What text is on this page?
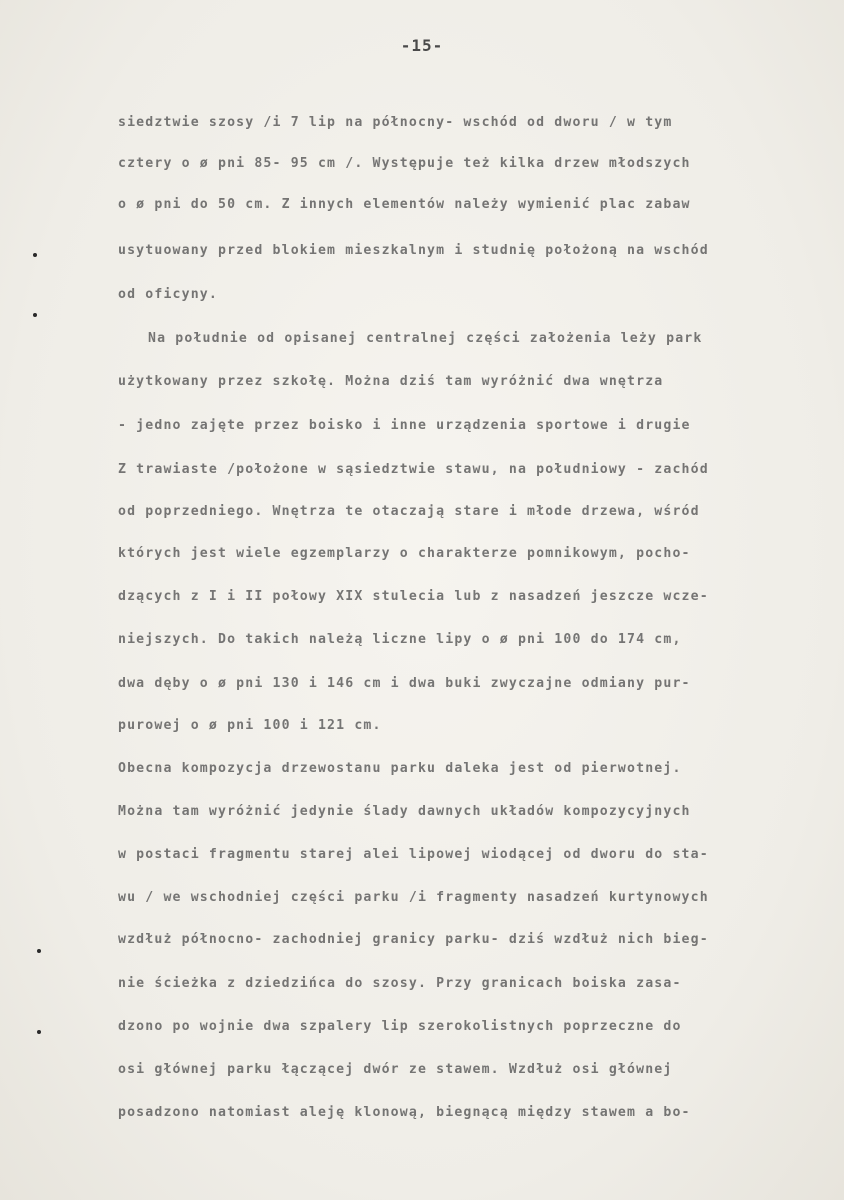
-15-
siedztwie szosy /i 7 lip na północny- wschód od dworu / w tym
cztery o ø pni 85- 95 cm /. Występuje też kilka drzew młodszych
o ø pni do 50 cm. Z innych elementów należy wymienić plac zabaw
usytuowany przed blokiem mieszkalnym i studnię położoną na wschód
od oficyny.
Na południe od opisanej centralnej części założenia leży park
użytkowany przez szkołę. Można dziś tam wyróżnić dwa wnętrza
- jedno zajęte przez boisko i inne urządzenia sportowe i drugie
Z trawiaste /położone w sąsiedztwie stawu, na południowy - zachód
od poprzedniego. Wnętrza te otaczają stare i młode drzewa, wśród
których jest wiele egzemplarzy o charakterze pomnikowym, pocho-
dzących z I i II połowy XIX stulecia lub z nasadzeń jeszcze wcze-
niejszych. Do takich należą liczne lipy o ø pni 100 do 174 cm,
dwa dęby o ø pni 130 i 146 cm i dwa buki zwyczajne odmiany pur-
purowej o ø pni 100 i 121 cm.
Obecna kompozycja drzewostanu parku daleka jest od pierwotnej.
Można tam wyróżnić jedynie ślady dawnych układów kompozycyjnych
w postaci fragmentu starej alei lipowej wiodącej od dworu do sta-
wu / we wschodniej części parku /i fragmenty nasadzeń kurtynowych
wzdłuż północno- zachodniej granicy parku- dziś wzdłuż nich bieg-
nie ścieżka z dziedzińca do szosy. Przy granicach boiska zasa-
dzono po wojnie dwa szpalery lip szerokolistnych poprzeczne do
osi głównej parku łączącej dwór ze stawem. Wzdłuż osi głównej
posadzono natomiast aleję klonową, biegnącą między stawem a bo-
